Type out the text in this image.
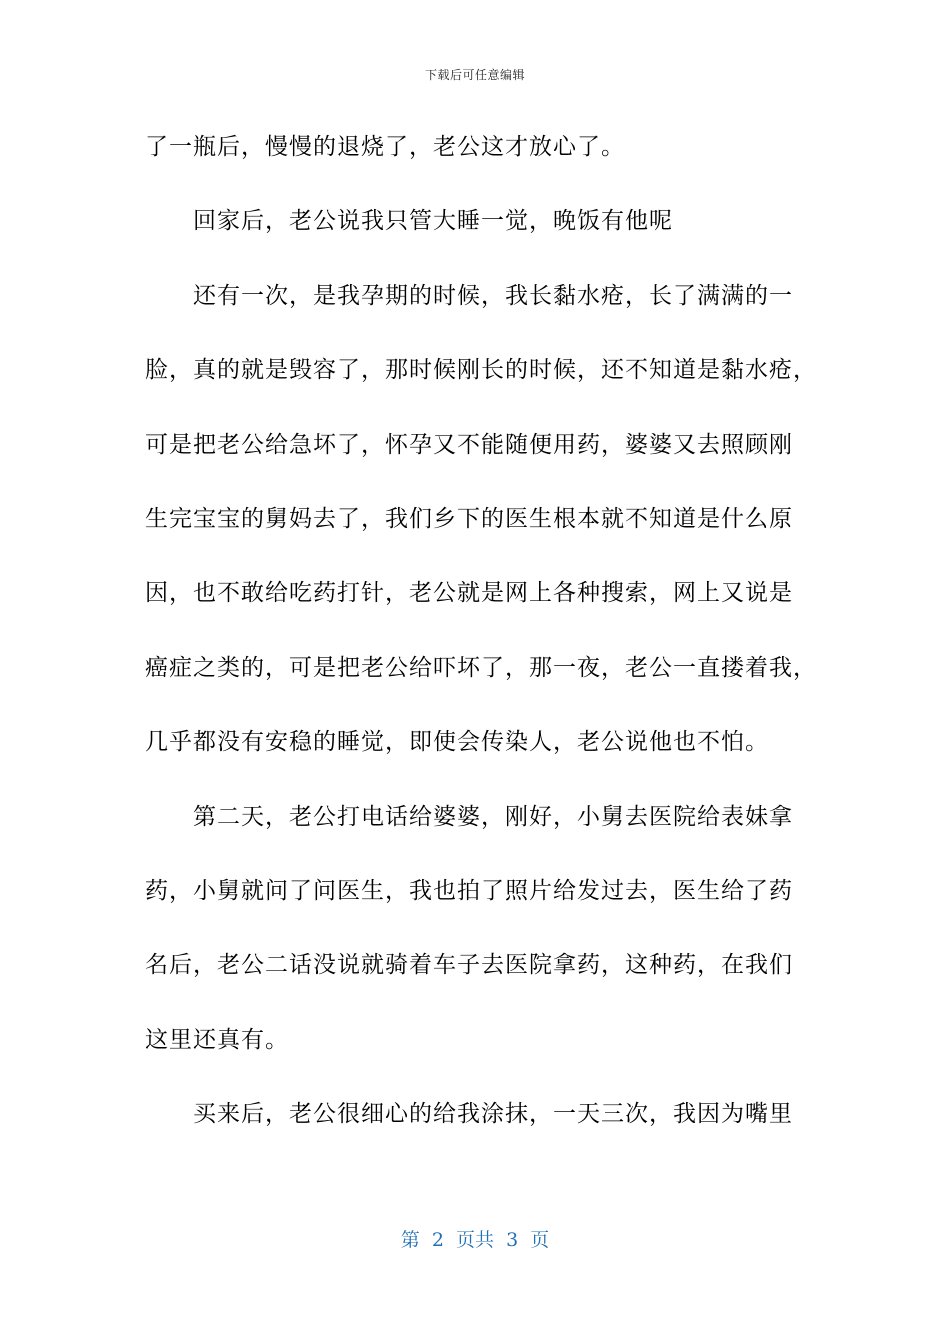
下载后可任意编辑
了一瓶后，慢慢的退烧了，老公这才放心了。
回家后，老公说我只管大睡一觉，晚饭有他呢
还有一次，是我孕期的时候，我长黏水疮，长了满满的一
脸，真的就是毁容了，那时候刚长的时候，还不知道是黏水疮，
可是把老公给急坏了，怀孕又不能随便用药，婆婆又去照顾刚
生完宝宝的舅妈去了，我们乡下的医生根本就不知道是什么原
因，也不敢给吃药打针，老公就是网上各种搜索，网上又说是
癌症之类的，可是把老公给吓坏了，那一夜，老公一直搂着我，
几乎都没有安稳的睡觉，即使会传染人，老公说他也不怕。
第二天，老公打电话给婆婆，刚好，小舅去医院给表妹拿
药，小舅就问了问医生，我也拍了照片给发过去，医生给了药
名后，老公二话没说就骑着车子去医院拿药，这种药，在我们
这里还真有。
买来后，老公很细心的给我涂抹，一天三次，我因为嘴里
第  2  页共  3  页
